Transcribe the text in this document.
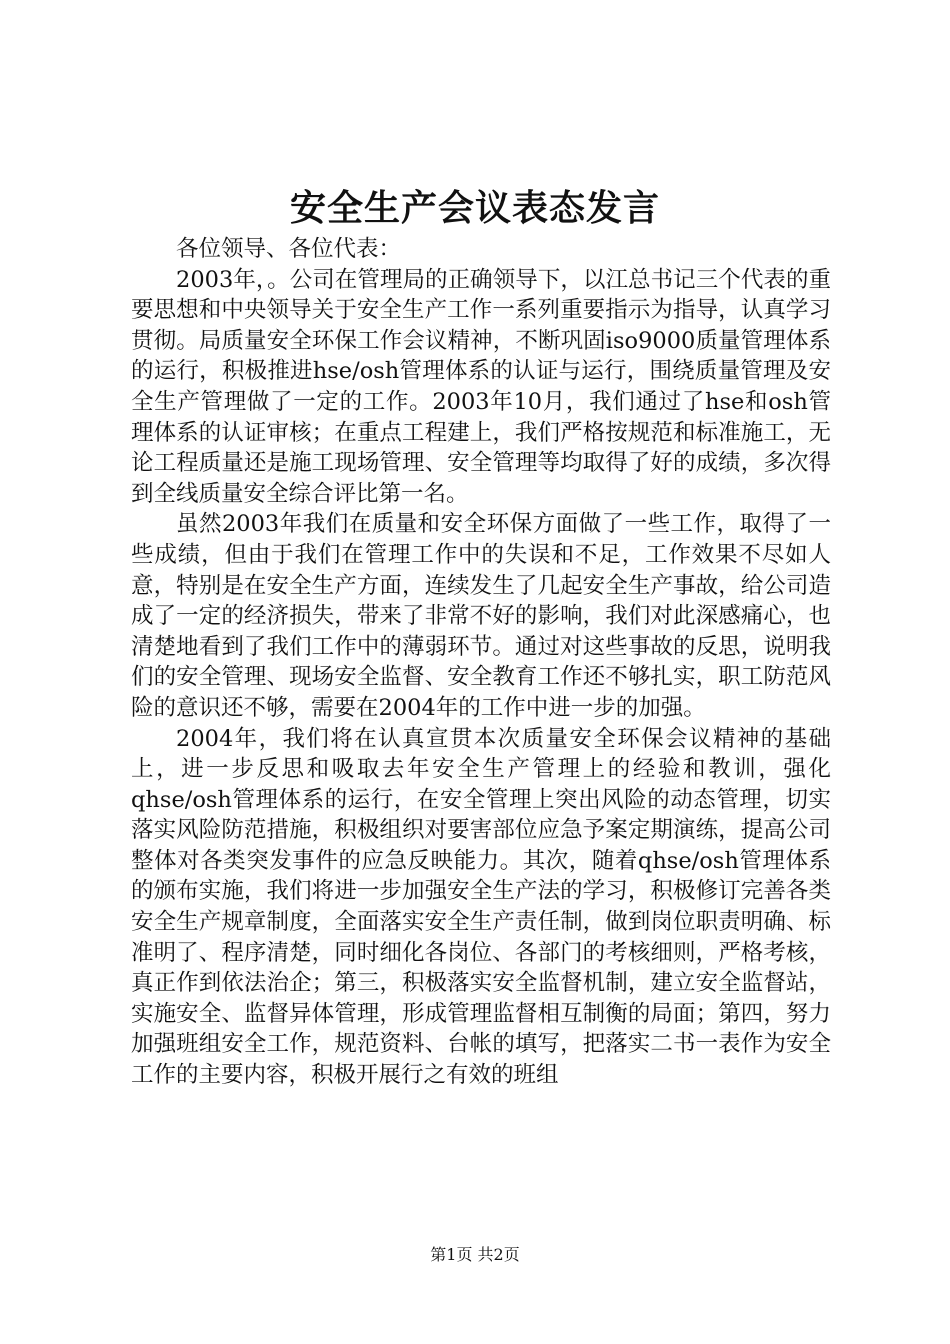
安全生产会议表态发言

各位领导、各位代表：

2003年，。公司在管理局的正确领导下，以江总书记三个代表的重要思想和中央领导关于安全生产工作一系列重要指示为指导，认真学习贯彻。局质量安全环保工作会议精神，不断巩固iso9000质量管理体系的运行，积极推进hse/osh管理体系的认证与运行，围绕质量管理及安全生产管理做了一定的工作。2003年10月，我们通过了hse和osh管理体系的认证审核；在重点工程建上，我们严格按规范和标准施工，无论工程质量还是施工现场管理、安全管理等均取得了好的成绩，多次得到全线质量安全综合评比第一名。

虽然2003年我们在质量和安全环保方面做了一些工作，取得了一些成绩，但由于我们在管理工作中的失误和不足，工作效果不尽如人意，特别是在安全生产方面，连续发生了几起安全生产事故，给公司造成了一定的经济损失，带来了非常不好的影响，我们对此深感痛心，也清楚地看到了我们工作中的薄弱环节。通过对这些事故的反思，说明我们的安全管理、现场安全监督、安全教育工作还不够扎实，职工防范风险的意识还不够，需要在2004年的工作中进一步的加强。

2004年，我们将在认真宣贯本次质量安全环保会议精神的基础上，进一步反思和吸取去年安全生产管理上的经验和教训，强化qhse/osh管理体系的运行，在安全管理上突出风险的动态管理，切实落实风险防范措施，积极组织对要害部位应急予案定期演练，提高公司整体对各类突发事件的应急反映能力。其次，随着qhse/osh管理体系的颁布实施，我们将进一步加强安全生产法的学习，积极修订完善各类安全生产规章制度，全面落实安全生产责任制，做到岗位职责明确、标准明了、程序清楚，同时细化各岗位、各部门的考核细则，严格考核，真正作到依法治企；第三，积极落实安全监督机制，建立安全监督站，实施安全、监督异体管理，形成管理监督相互制衡的局面；第四，努力加强班组安全工作，规范资料、台帐的填写，把落实二书一表作为安全工作的主要内容，积极开展行之有效的班组

第1页 共2页
